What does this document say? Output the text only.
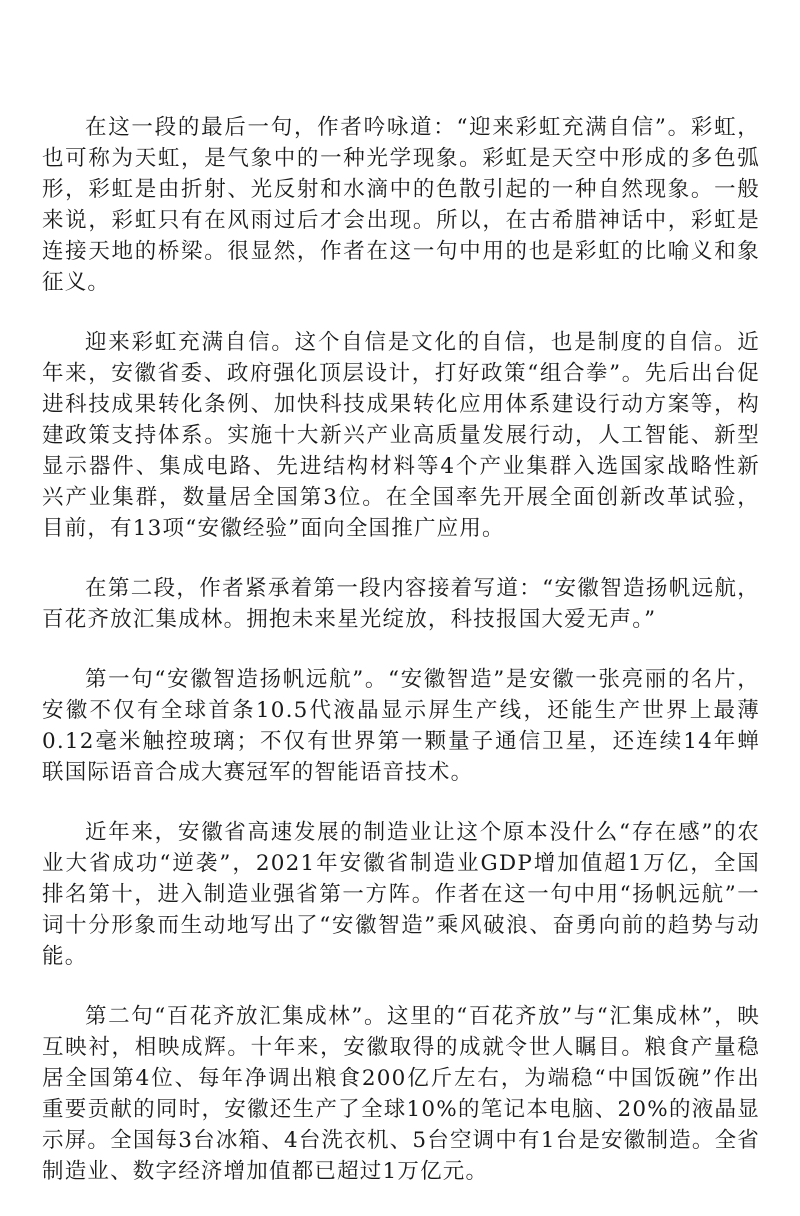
在这一段的最后一句，作者吟咏道：“迎来彩虹充满自信”。彩虹，也可称为天虹，是气象中的一种光学现象。彩虹是天空中形成的多色弧形，彩虹是由折射、光反射和水滴中的色散引起的一种自然现象。一般来说，彩虹只有在风雨过后才会出现。所以，在古希腊神话中，彩虹是连接天地的桥梁。很显然，作者在这一句中用的也是彩虹的比喻义和象征义。

迎来彩虹充满自信。这个自信是文化的自信，也是制度的自信。近年来，安徽省委、政府强化顶层设计，打好政策“组合拳”。先后出台促进科技成果转化条例、加快科技成果转化应用体系建设行动方案等，构建政策支持体系。实施十大新兴产业高质量发展行动，人工智能、新型显示器件、集成电路、先进结构材料等4个产业集群入选国家战略性新兴产业集群，数量居全国第3位。在全国率先开展全面创新改革试验，目前，有13项“安徽经验”面向全国推广应用。

在第二段，作者紧承着第一段内容接着写道：“安徽智造扬帆远航，百花齐放汇集成林。拥抱未来星光绽放，科技报国大爱无声。”

第一句“安徽智造扬帆远航”。“安徽智造”是安徽一张亮丽的名片，安徽不仅有全球首条10.5代液晶显示屏生产线，还能生产世界上最薄0.12毫米触控玻璃；不仅有世界第一颗量子通信卫星，还连续14年蝉联国际语音合成大赛冠军的智能语音技术。

近年来，安徽省高速发展的制造业让这个原本没什么“存在感”的农业大省成功“逆袭”，2021年安徽省制造业GDP增加值超1万亿，全国排名第十，进入制造业强省第一方阵。作者在这一句中用“扬帆远航”一词十分形象而生动地写出了“安徽智造”乘风破浪、奋勇向前的趋势与动能。

第二句“百花齐放汇集成林”。这里的“百花齐放”与“汇集成林”，映互映衬，相映成辉。十年来，安徽取得的成就令世人瞩目。粮食产量稳居全国第4位、每年净调出粮食200亿斤左右，为端稳“中国饭碗”作出重要贡献的同时，安徽还生产了全球10%的笔记本电脑、20%的液晶显示屏。全国每3台冰箱、4台洗衣机、5台空调中有1台是安徽制造。全省制造业、数字经济增加值都已超过1万亿元。
